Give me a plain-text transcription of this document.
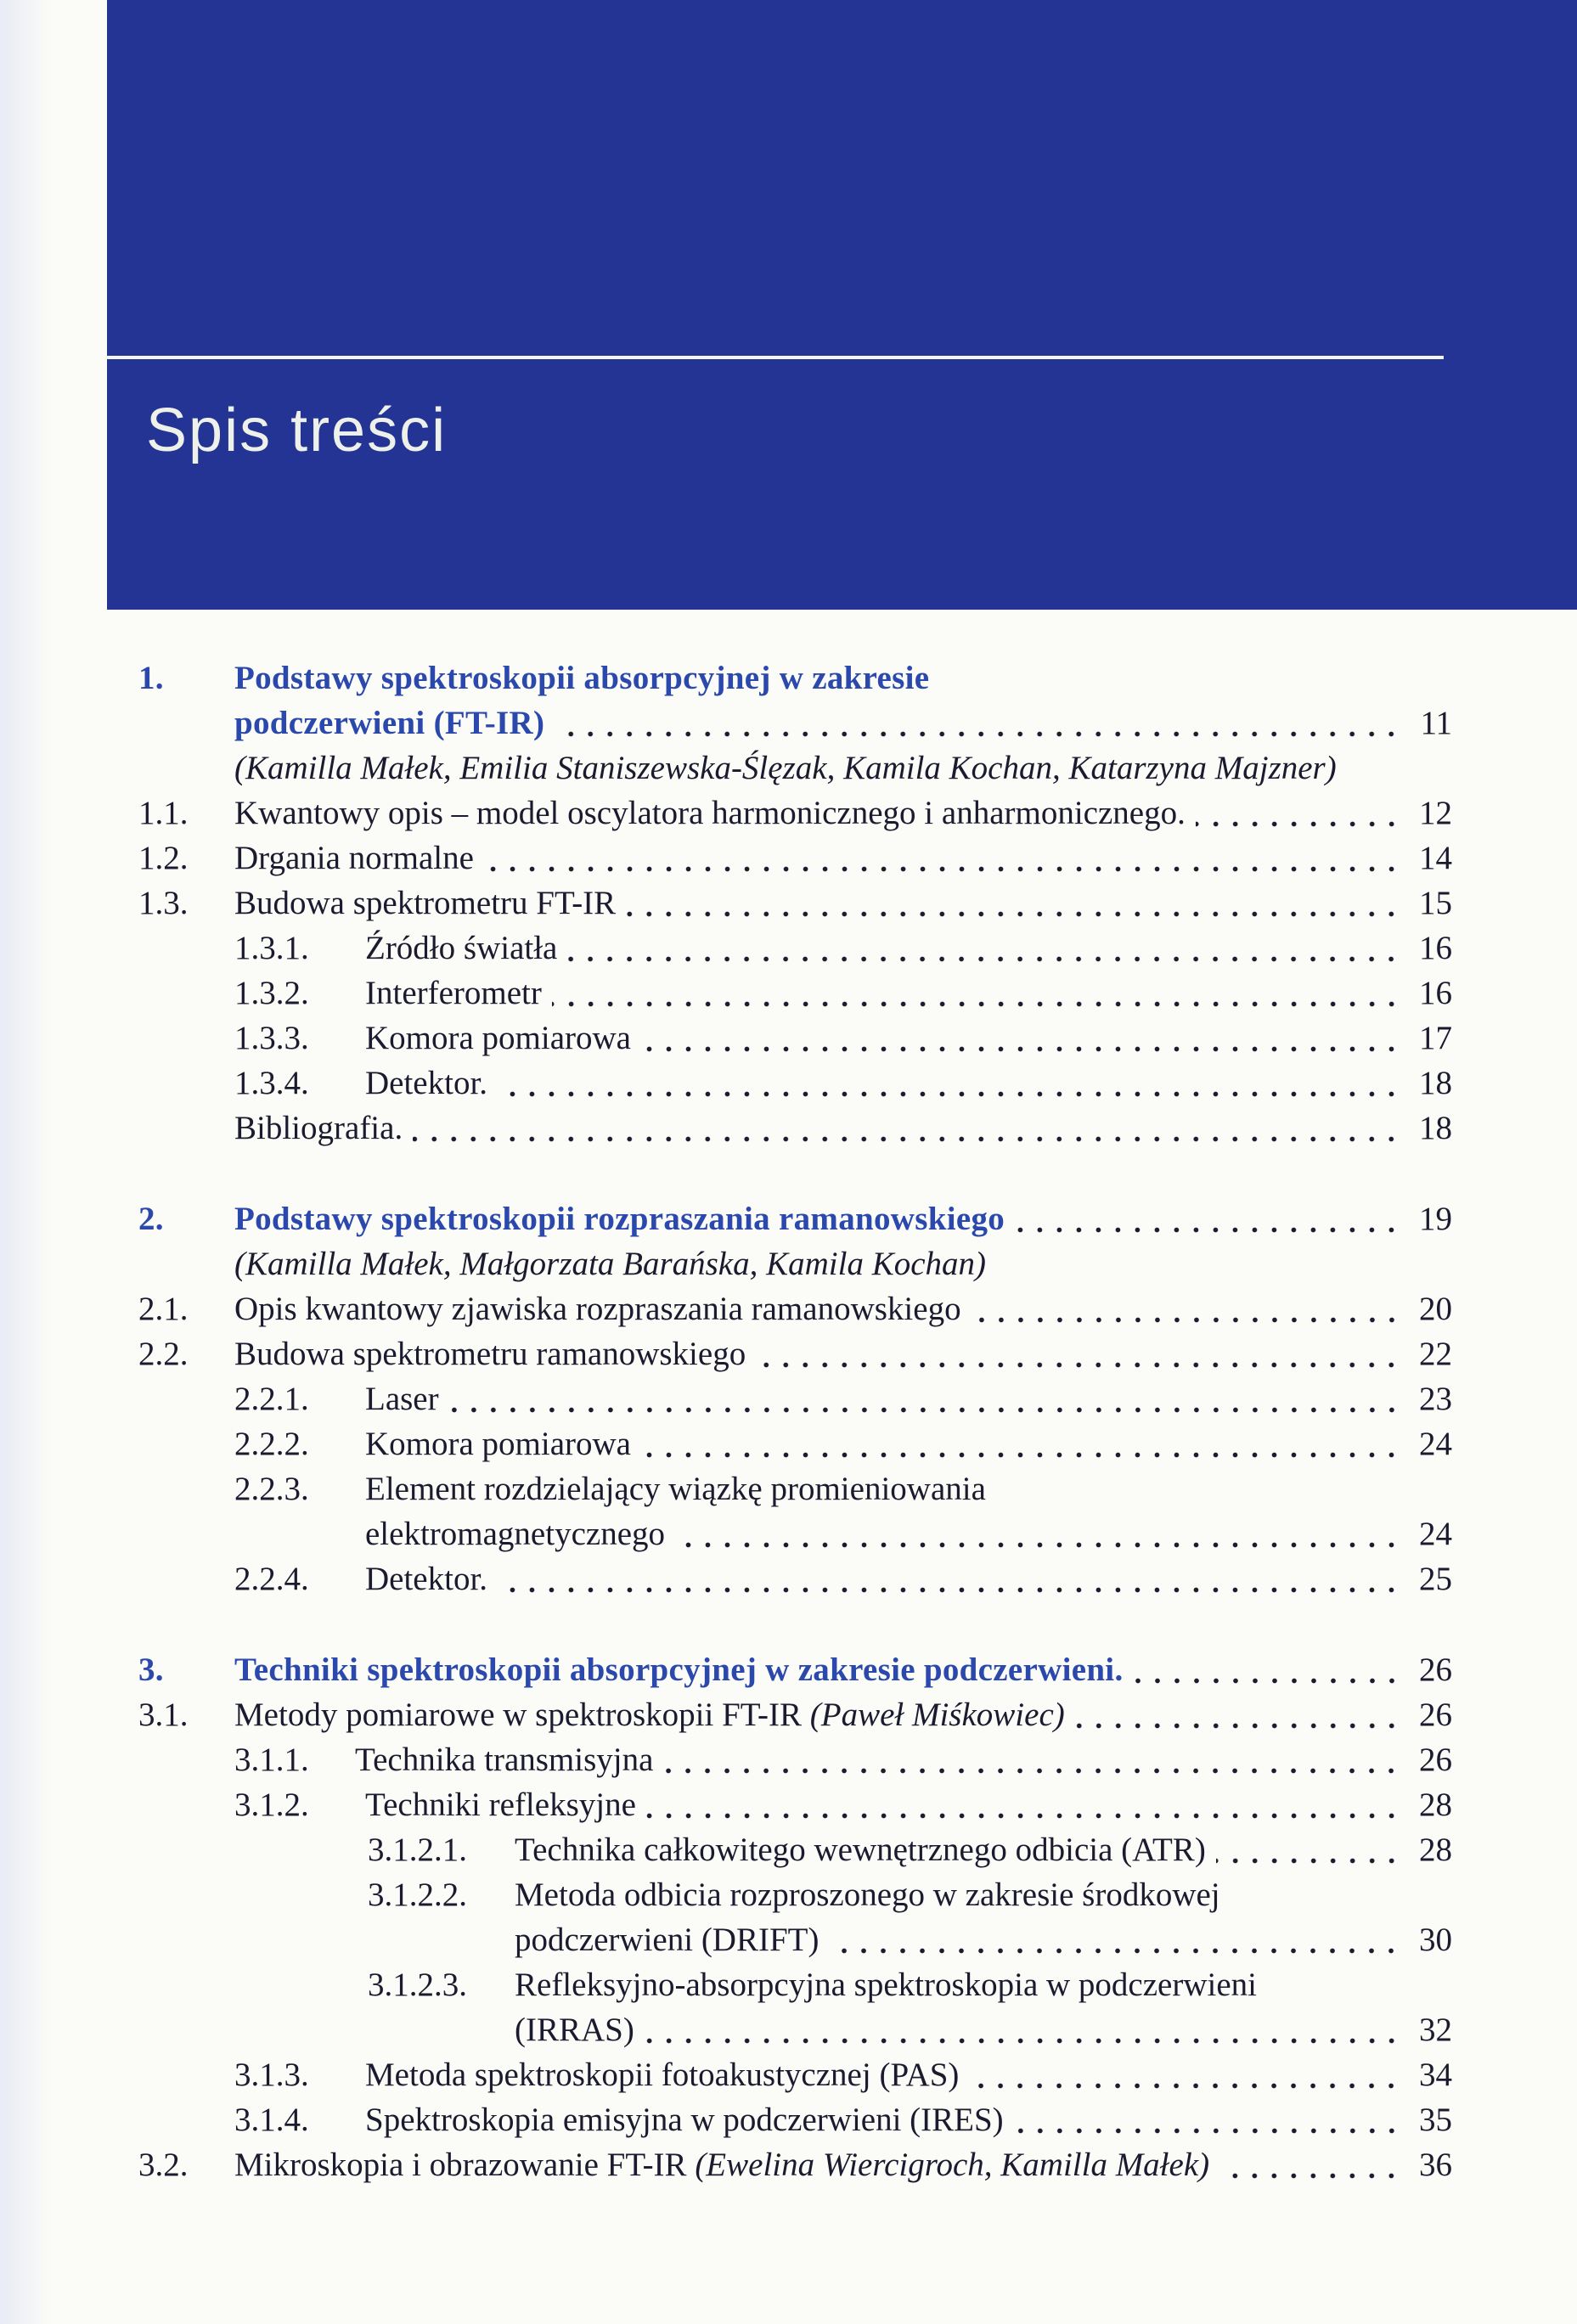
Spis treści
1.	Podstawy spektroskopii absorpcyjnej w zakresie
podczerwieni (FT-IR)	11
(Kamilla Małek, Emilia Staniszewska-Ślęzak, Kamila Kochan, Katarzyna Majzner)
1.1.	Kwantowy opis – model oscylatora harmonicznego i anharmonicznego.	12
1.2.	Drgania normalne	14
1.3.	Budowa spektrometru FT-IR	15
1.3.1.	Źródło światła	16
1.3.2.	Interferometr	16
1.3.3.	Komora pomiarowa	17
1.3.4.	Detektor.	18
Bibliografia.	18
2.	Podstawy spektroskopii rozpraszania ramanowskiego	19
(Kamilla Małek, Małgorzata Barańska, Kamila Kochan)
2.1.	Opis kwantowy zjawiska rozpraszania ramanowskiego	20
2.2.	Budowa spektrometru ramanowskiego	22
2.2.1.	Laser	23
2.2.2.	Komora pomiarowa	24
2.2.3.	Element rozdzielający wiązkę promieniowania
elektromagnetycznego	24
2.2.4.	Detektor.	25
3.	Techniki spektroskopii absorpcyjnej w zakresie podczerwieni.	26
3.1.	Metody pomiarowe w spektroskopii FT-IR (Paweł Miśkowiec)	26
3.1.1.	Technika transmisyjna	26
3.1.2.	Techniki refleksyjne	28
3.1.2.1.	Technika całkowitego wewnętrznego odbicia (ATR)	28
3.1.2.2.	Metoda odbicia rozproszonego w zakresie środkowej
podczerwieni (DRIFT)	30
3.1.2.3.	Refleksyjno-absorpcyjna spektroskopia w podczerwieni
(IRRAS)	32
3.1.3.	Metoda spektroskopii fotoakustycznej (PAS)	34
3.1.4.	Spektroskopia emisyjna w podczerwieni (IRES)	35
3.2.	Mikroskopia i obrazowanie FT-IR (Ewelina Wiercigroch, Kamilla Małek)	36
